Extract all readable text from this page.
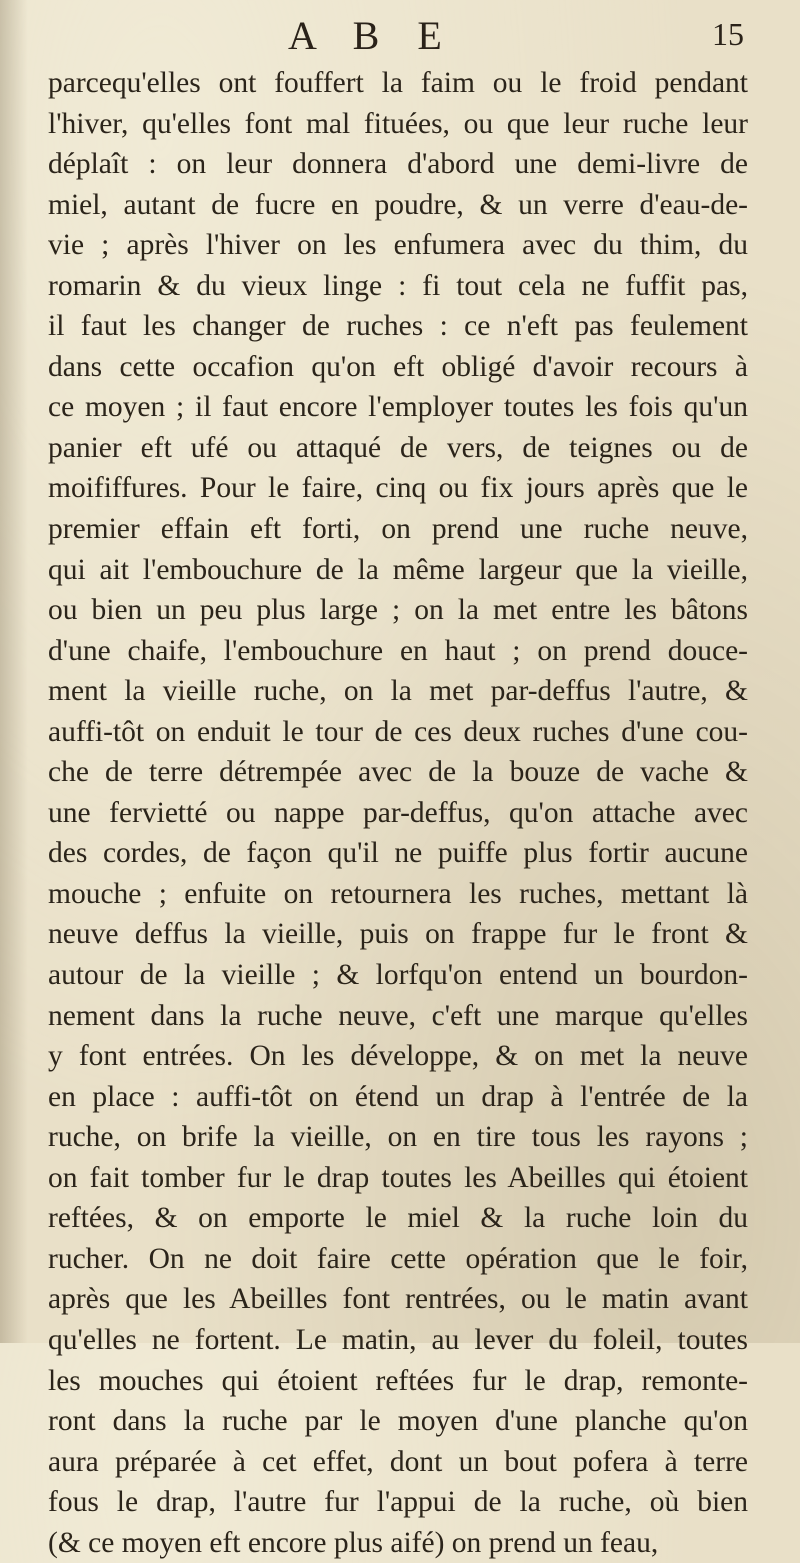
A B E	15
parcequ'elles ont fouffert la faim ou le froid pendant
l'hiver, qu'elles font mal fituées, ou que leur ruche leur
déplaît : on leur donnera d'abord une demi-livre de
miel, autant de fucre en poudre, & un verre d'eau-de-
vie ; après l'hiver on les enfumera avec du thim, du
romarin & du vieux linge : fi tout cela ne fuffit pas,
il faut les changer de ruches : ce n'eft pas feulement
dans cette occafion qu'on eft obligé d'avoir recours à
ce moyen ; il faut encore l'employer toutes les fois qu'un
panier eft ufé ou attaqué de vers, de teignes ou de
moififfures. Pour le faire, cinq ou fix jours après que le
premier effain eft forti, on prend une ruche neuve,
qui ait l'embouchure de la même largeur que la vieille,
ou bien un peu plus large ; on la met entre les bâtons
d'une chaife, l'embouchure en haut ; on prend douce-
ment la vieille ruche, on la met par-deffus l'autre, &
auffi-tôt on enduit le tour de ces deux ruches d'une cou-
che de terre détrempée avec de la bouze de vache &
une fervietté ou nappe par-deffus, qu'on attache avec
des cordes, de façon qu'il ne puiffe plus fortir aucune
mouche ; enfuite on retournera les ruches, mettant là
neuve deffus la vieille, puis on frappe fur le front &
autour de la vieille ; & lorfqu'on entend un bourdon-
nement dans la ruche neuve, c'eft une marque qu'elles
y font entrées. On les développe, & on met la neuve
en place : auffi-tôt on étend un drap à l'entrée de la
ruche, on brife la vieille, on en tire tous les rayons ;
on fait tomber fur le drap toutes les Abeilles qui étoient
reftées, & on emporte le miel & la ruche loin du
rucher. On ne doit faire cette opération que le foir,
après que les Abeilles font rentrées, ou le matin avant
qu'elles ne fortent. Le matin, au lever du foleil, toutes
les mouches qui étoient reftées fur le drap, remonte-
ront dans la ruche par le moyen d'une planche qu'on
aura préparée à cet effet, dont un bout pofera à terre
fous le drap, l'autre fur l'appui de la ruche, où bien
(& ce moyen eft encore plus aifé) on prend un feau,
